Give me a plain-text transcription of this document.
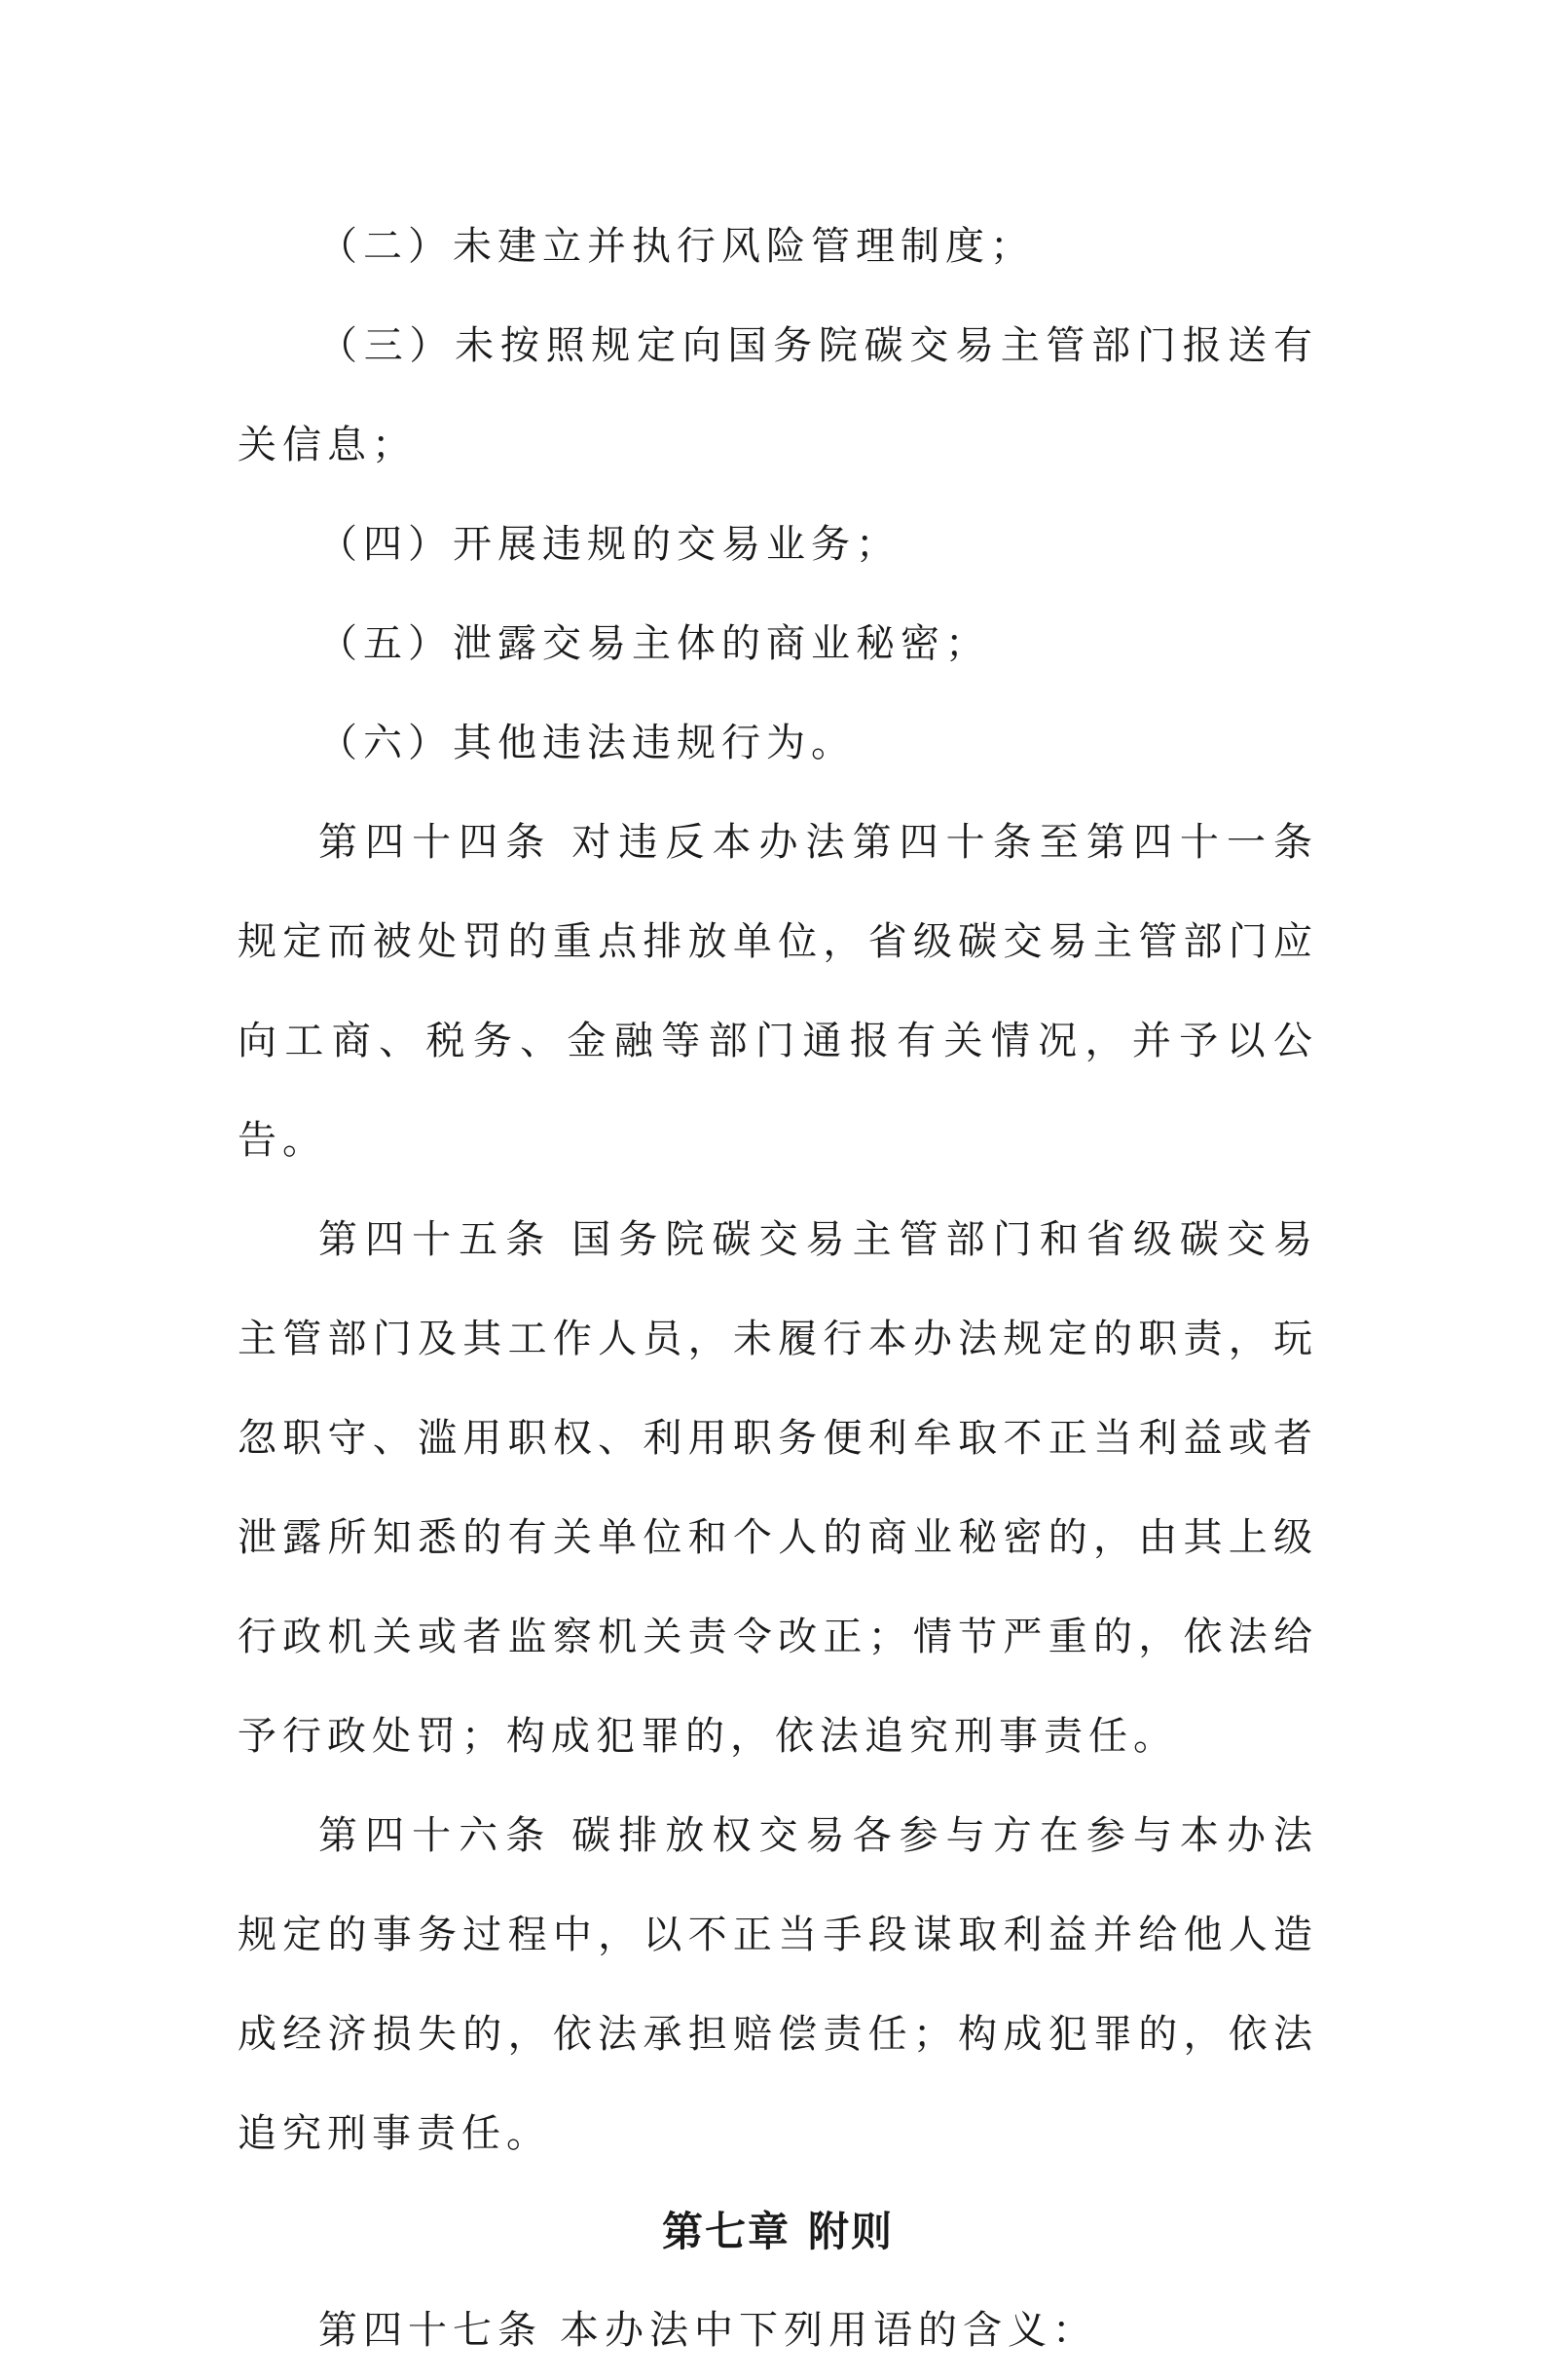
（二）未建立并执行风险管理制度；

（三）未按照规定向国务院碳交易主管部门报送有关信息；

（四）开展违规的交易业务；

（五）泄露交易主体的商业秘密；

（六）其他违法违规行为。

第四十四条 对违反本办法第四十条至第四十一条规定而被处罚的重点排放单位，省级碳交易主管部门应向工商、税务、金融等部门通报有关情况，并予以公告。

第四十五条 国务院碳交易主管部门和省级碳交易主管部门及其工作人员，未履行本办法规定的职责，玩忽职守、滥用职权、利用职务便利牟取不正当利益或者泄露所知悉的有关单位和个人的商业秘密的，由其上级行政机关或者监察机关责令改正；情节严重的，依法给予行政处罚；构成犯罪的，依法追究刑事责任。

第四十六条 碳排放权交易各参与方在参与本办法规定的事务过程中，以不正当手段谋取利益并给他人造成经济损失的，依法承担赔偿责任；构成犯罪的，依法追究刑事责任。

第七章 附则

第四十七条 本办法中下列用语的含义：
